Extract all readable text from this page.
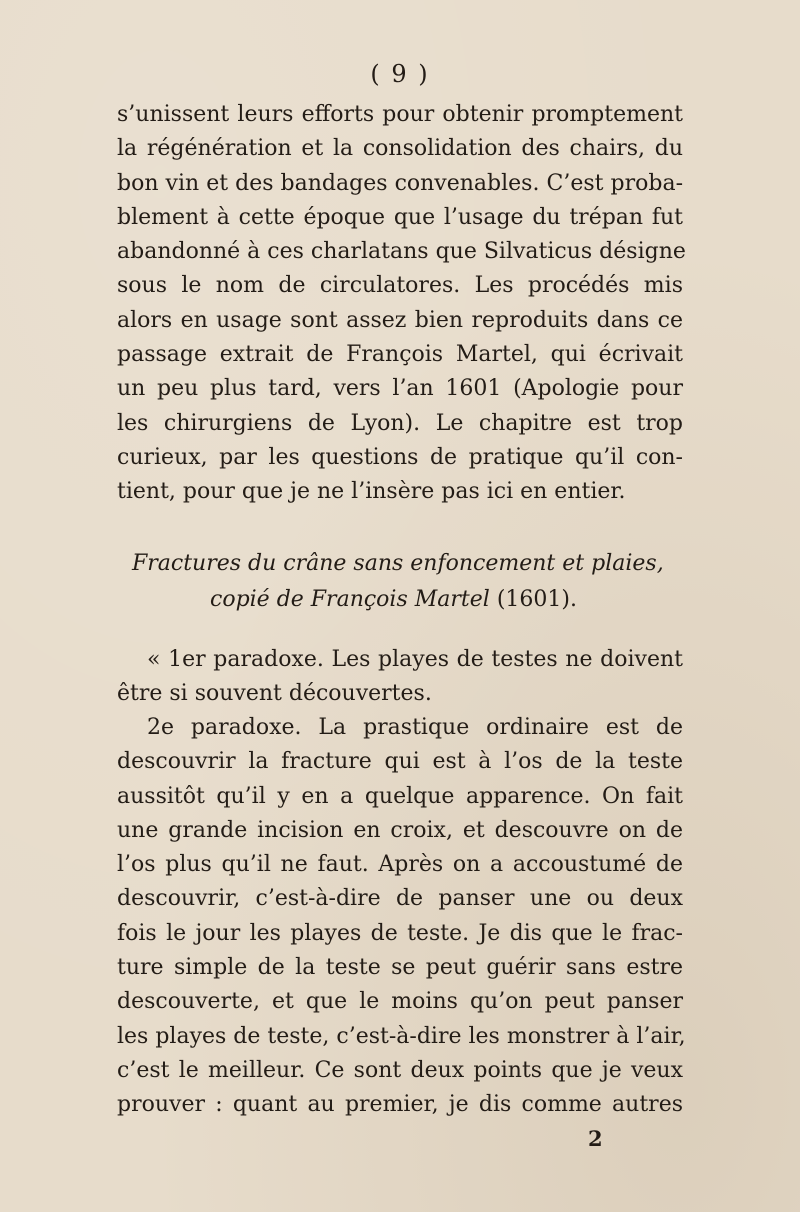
( 9 )
s’unissent leurs efforts pour obtenir promptement
la régénération et la consolidation des chairs, du
bon vin et des bandages convenables. C’est proba-
blement à cette époque que l’usage du trépan fut
abandonné à ces charlatans que Silvaticus désigne
sous le nom de circulatores. Les procédés mis
alors en usage sont assez bien reproduits dans ce
passage extrait de François Martel, qui écrivait
un peu plus tard, vers l’an 1601 (Apologie pour
les chirurgiens de Lyon). Le chapitre est trop
curieux, par les questions de pratique qu’il con-
tient, pour que je ne l’insère pas ici en entier.
Fractures du crâne sans enfoncement et plaies,
copié de François Martel (1601).
« 1er paradoxe. Les playes de testes ne doivent
être si souvent découvertes.
2e paradoxe. La prastique ordinaire est de
descouvrir la fracture qui est à l’os de la teste
aussitôt qu’il y en a quelque apparence. On fait
une grande incision en croix, et descouvre on de
l’os plus qu’il ne faut. Après on a accoustumé de
descouvrir, c’est-à-dire de panser une ou deux
fois le jour les playes de teste. Je dis que le frac-
ture simple de la teste se peut guérir sans estre
descouverte, et que le moins qu’on peut panser
les playes de teste, c’est-à-dire les monstrer à l’air,
c’est le meilleur. Ce sont deux points que je veux
prouver : quant au premier, je dis comme autres
2
